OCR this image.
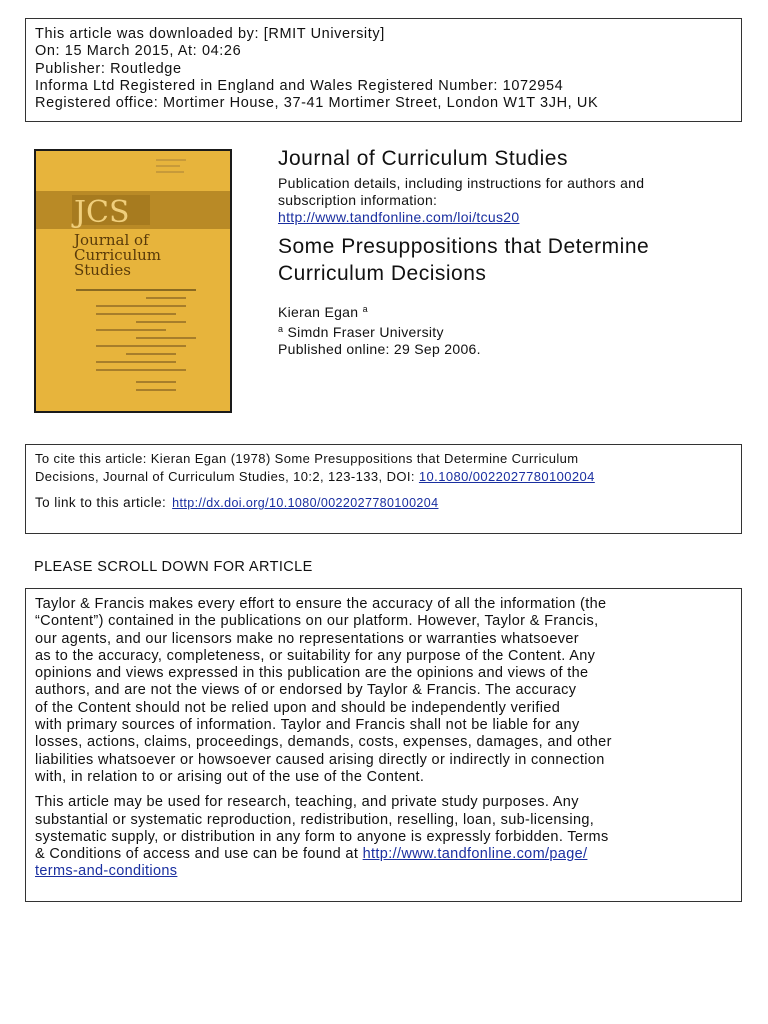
This article was downloaded by: [RMIT University]
On: 15 March 2015, At: 04:26
Publisher: Routledge
Informa Ltd Registered in England and Wales Registered Number: 1072954
Registered office: Mortimer House, 37-41 Mortimer Street, London W1T 3JH, UK
JCS
Journal of
Curriculum
Studies
Journal of Curriculum Studies
Publication details, including instructions for authors and
subscription information:
http://www.tandfonline.com/loi/tcus20
Some Presuppositions that Determine
Curriculum Decisions
Kieran Egan $^a$
$^a$ Simdn Fraser University
Published online: 29 Sep 2006.
To cite this article: Kieran Egan (1978) Some Presuppositions that Determine Curriculum
Decisions, Journal of Curriculum Studies, 10:2, 123-133, DOI: 10.1080/0022027780100204
To link to this article: http://dx.doi.org/10.1080/0022027780100204
PLEASE SCROLL DOWN FOR ARTICLE

Taylor & Francis makes every effort to ensure the accuracy of all the information (the
“Content”) contained in the publications on our platform. However, Taylor & Francis,
our agents, and our licensors make no representations or warranties whatsoever
as to the accuracy, completeness, or suitability for any purpose of the Content. Any
opinions and views expressed in this publication are the opinions and views of the
authors, and are not the views of or endorsed by Taylor & Francis. The accuracy
of the Content should not be relied upon and should be independently verified
with primary sources of information. Taylor and Francis shall not be liable for any
losses, actions, claims, proceedings, demands, costs, expenses, damages, and other
liabilities whatsoever or howsoever caused arising directly or indirectly in connection
with, in relation to or arising out of the use of the Content.

This article may be used for research, teaching, and private study purposes. Any
substantial or systematic reproduction, redistribution, reselling, loan, sub-licensing,
systematic supply, or distribution in any form to anyone is expressly forbidden. Terms
& Conditions of access and use can be found at http://www.tandfonline.com/page/
terms-and-conditions
